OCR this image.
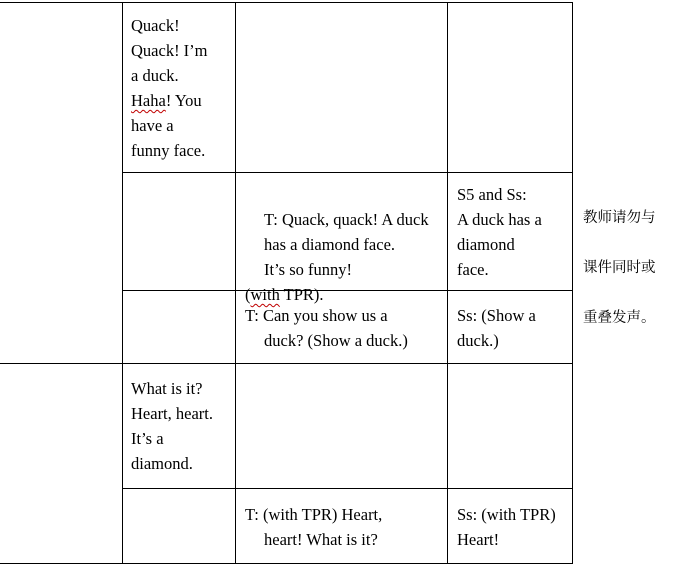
Quack!
Quack! I’m
a duck.
Haha! You
have a
funny face.

T: Quack, quack! A duck
has a diamond face.
It’s so funny!

(with TPR).

S5 and Ss:
A duck has a
diamond
face.
T: Can you show us a
duck? (Show a duck.)
Ss: (Show a
duck.)
What is it?
Heart, heart.
It’s a
diamond.
T: (with TPR) Heart,
heart! What is it?
Ss: (with TPR)
Heart!
教师请勿与
课件同时或
重叠发声。
